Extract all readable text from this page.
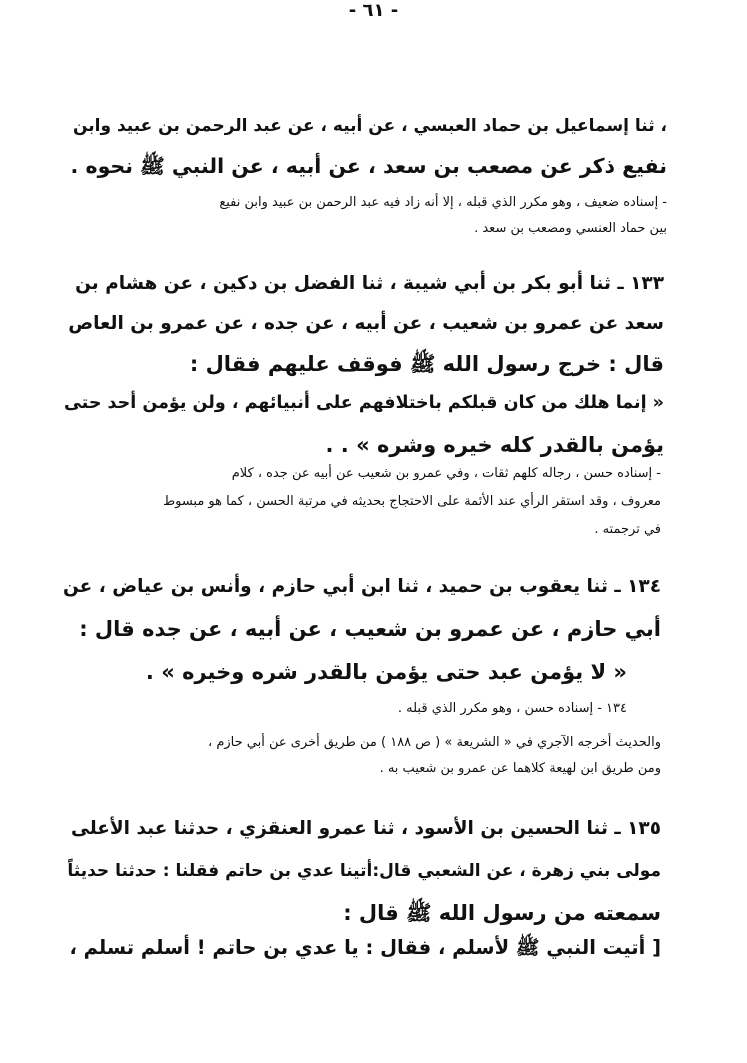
، ثنا إسماعيل بن حماد العبسي ، عن أبيه ، عن عبد الرحمن بن عبيد وابن
نفيع ذكر عن مصعب بن سعد ، عن أبيه ، عن النبي ﷺ نحوه .
- إسناده ضعيف ، وهو مكرر الذي قبله ، إلا أنه زاد فيه عبد الرحمن بن عبيد وابن نفيع
بين حماد العنسي ومصعب بن سعد .
١٣٣ ـ ثنا أبو بكر بن أبي شيبة ، ثنا الفضل بن دكين ، عن هشام بن
سعد عن عمرو بن شعيب ، عن أبيه ، عن جده ، عن عمرو بن العاص
قال : خرج رسول الله ﷺ فوقف عليهم فقال :
« إنما هلك من كان قبلكم باختلافهم على أنبيائهم ، ولن يؤمن أحد حتى
يؤمن بالقدر كله خيره وشره » . .
- إسناده حسن ، رجاله كلهم ثقات ، وفي عمرو بن شعيب عن أبيه عن جده ، كلام
معروف ، وقد استقر الرأي عند الأئمة على الاحتجاج بحديثه في مرتبة الحسن ، كما هو مبسوط
في ترجمته .
١٣٤ ـ ثنا يعقوب بن حميد ، ثنا ابن أبي حازم ، وأنس بن عياض ، عن
أبي حازم ، عن عمرو بن شعيب ، عن أبيه ، عن جده قال :
« لا يؤمن عبد حتى يؤمن بالقدر شره وخيره » .
١٣٤ - إسناده حسن ، وهو مكرر الذي قبله .
والحديث أخرجه الآجري في « الشريعة » ( ص ١٨٨ ) من طريق أخرى عن أبي حازم ،
ومن طريق ابن لهيعة كلاهما عن عمرو بن شعيب به .
١٣٥ ـ ثنا الحسين بن الأسود ، ثنا عمرو العنقزي ، حدثنا عبد الأعلى
مولى بني زهرة ، عن الشعبي قال:أتينا عدي بن حاتم فقلنا : حدثنا حديثاً
سمعته من رسول الله ﷺ قال :
[ أتيت النبي ﷺ لأسلم ، فقال : يا عدي بن حاتم ! أسلم تسلم ،
- ٦١ -
